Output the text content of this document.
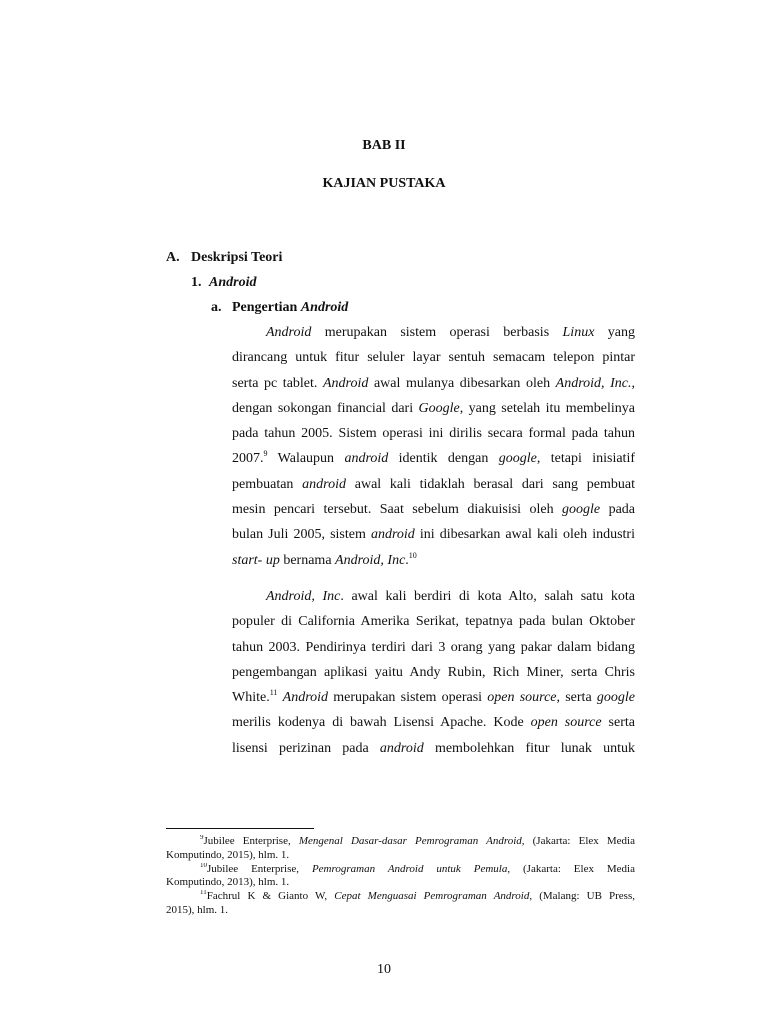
BAB II
KAJIAN PUSTAKA
A. Deskripsi Teori
1. Android
a. Pengertian Android
Android merupakan sistem operasi berbasis Linux yang
dirancang untuk fitur seluler layar sentuh semacam telepon pintar
serta pc tablet. Android awal mulanya dibesarkan oleh Android, Inc.,
dengan sokongan financial dari Google, yang setelah itu membelinya
pada tahun 2005. Sistem operasi ini dirilis secara formal pada tahun
2007.$^9$ Walaupun android identik dengan google, tetapi inisiatif
pembuatan android awal kali tidaklah berasal dari sang pembuat
mesin pencari tersebut. Saat sebelum diakuisisi oleh google pada
bulan Juli 2005, sistem android ini dibesarkan awal kali oleh industri
start- up bernama Android, Inc.$^{10}$
Android, Inc. awal kali berdiri di kota Alto, salah satu kota
populer di California Amerika Serikat, tepatnya pada bulan Oktober
tahun 2003. Pendirinya terdiri dari 3 orang yang pakar dalam bidang
pengembangan aplikasi yaitu Andy Rubin, Rich Miner, serta Chris
White.$^{11}$ Android merupakan sistem operasi open source, serta google
merilis kodenya di bawah Lisensi Apache. Kode open source serta
lisensi perizinan pada android membolehkan fitur lunak untuk
$^9$Jubilee Enterprise, Mengenal Dasar-dasar Pemrograman Android, (Jakarta: Elex Media
Komputindo, 2015), hlm. 1.
$^{10}$Jubilee Enterprise, Pemrograman Android untuk Pemula, (Jakarta: Elex Media
Komputindo, 2013), hlm. 1.
$^{11}$Fachrul K & Gianto W, Cepat Menguasai Pemrograman Android, (Malang: UB Press,
2015), hlm. 1.
10
